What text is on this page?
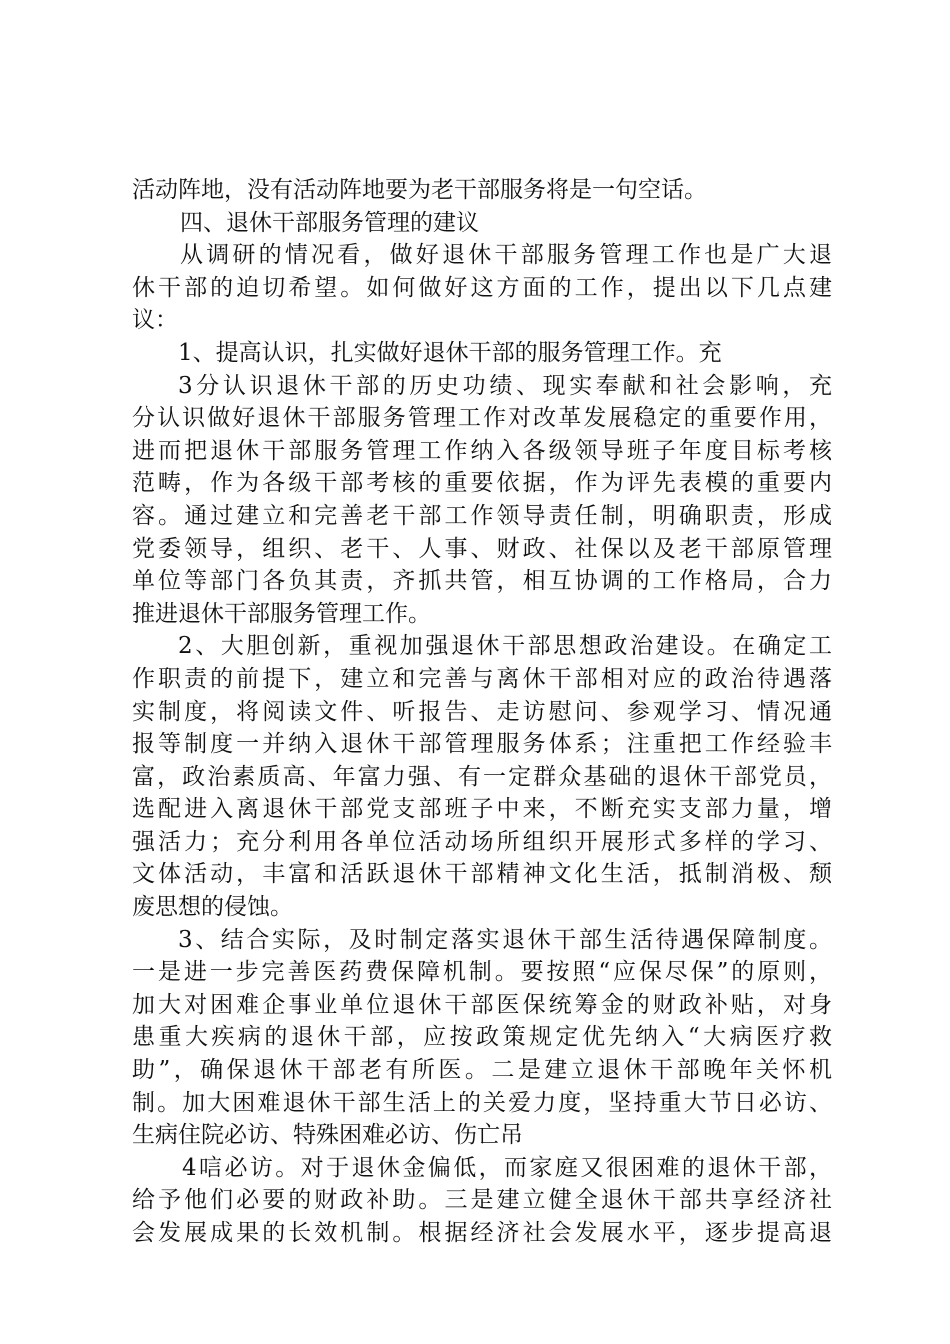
活动阵地，没有活动阵地要为老干部服务将是一句空话。
四、退休干部服务管理的建议
从调研的情况看，做好退休干部服务管理工作也是广大退
休干部的迫切希望。如何做好这方面的工作，提出以下几点建
议：
1、提高认识，扎实做好退休干部的服务管理工作。充
3分认识退休干部的历史功绩、现实奉献和社会影响，充
分认识做好退休干部服务管理工作对改革发展稳定的重要作用，
进而把退休干部服务管理工作纳入各级领导班子年度目标考核
范畴，作为各级干部考核的重要依据，作为评先表模的重要内
容。通过建立和完善老干部工作领导责任制，明确职责，形成
党委领导，组织、老干、人事、财政、社保以及老干部原管理
单位等部门各负其责，齐抓共管，相互协调的工作格局，合力
推进退休干部服务管理工作。
2、大胆创新，重视加强退休干部思想政治建设。在确定工
作职责的前提下，建立和完善与离休干部相对应的政治待遇落
实制度，将阅读文件、听报告、走访慰问、参观学习、情况通
报等制度一并纳入退休干部管理服务体系；注重把工作经验丰
富，政治素质高、年富力强、有一定群众基础的退休干部党员，
选配进入离退休干部党支部班子中来，不断充实支部力量，增
强活力；充分利用各单位活动场所组织开展形式多样的学习、
文体活动，丰富和活跃退休干部精神文化生活，抵制消极、颓
废思想的侵蚀。
3、结合实际，及时制定落实退休干部生活待遇保障制度。
一是进一步完善医药费保障机制。要按照“应保尽保”的原则，
加大对困难企事业单位退休干部医保统筹金的财政补贴，对身
患重大疾病的退休干部，应按政策规定优先纳入“大病医疗救
助”，确保退休干部老有所医。二是建立退休干部晚年关怀机
制。加大困难退休干部生活上的关爱力度，坚持重大节日必访、
生病住院必访、特殊困难必访、伤亡吊
4唁必访。对于退休金偏低，而家庭又很困难的退休干部，
给予他们必要的财政补助。三是建立健全退休干部共享经济社
会发展成果的长效机制。根据经济社会发展水平，逐步提高退
